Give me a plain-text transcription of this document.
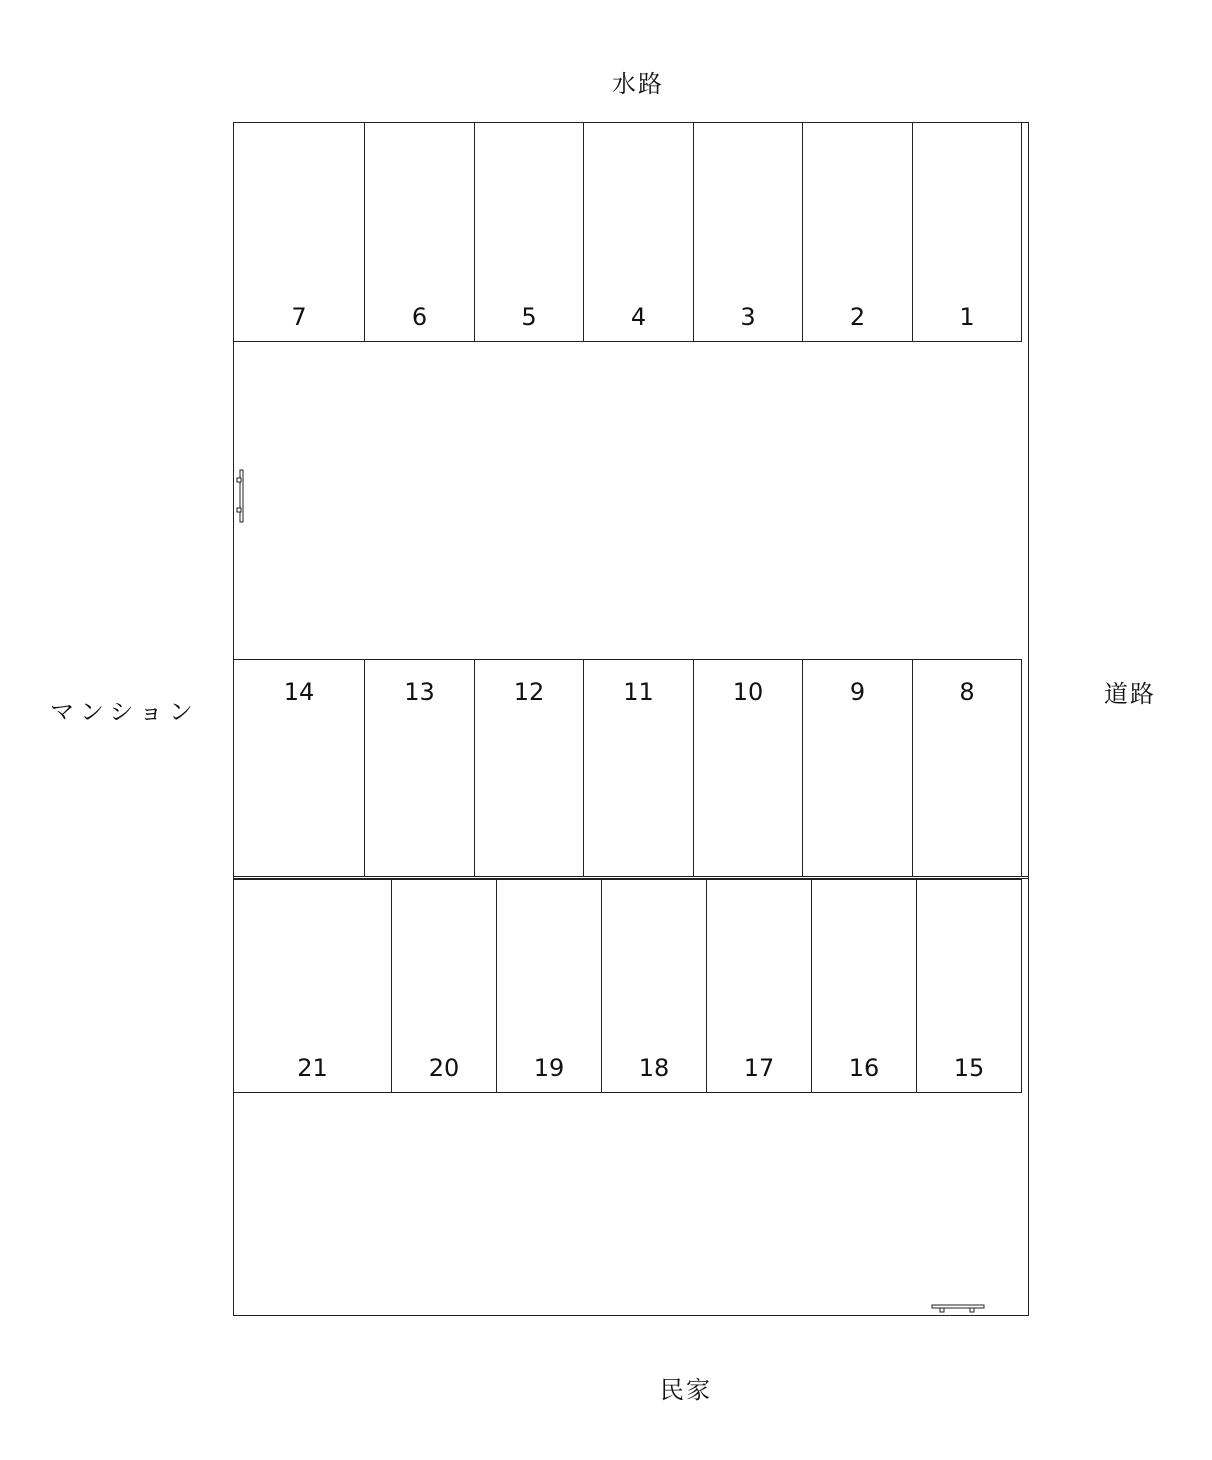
水路
民家
マンション
道路
7	6	5	4	3	2	1
14	13	12	11	10	9	8
21	20	19	18	17	16	15
